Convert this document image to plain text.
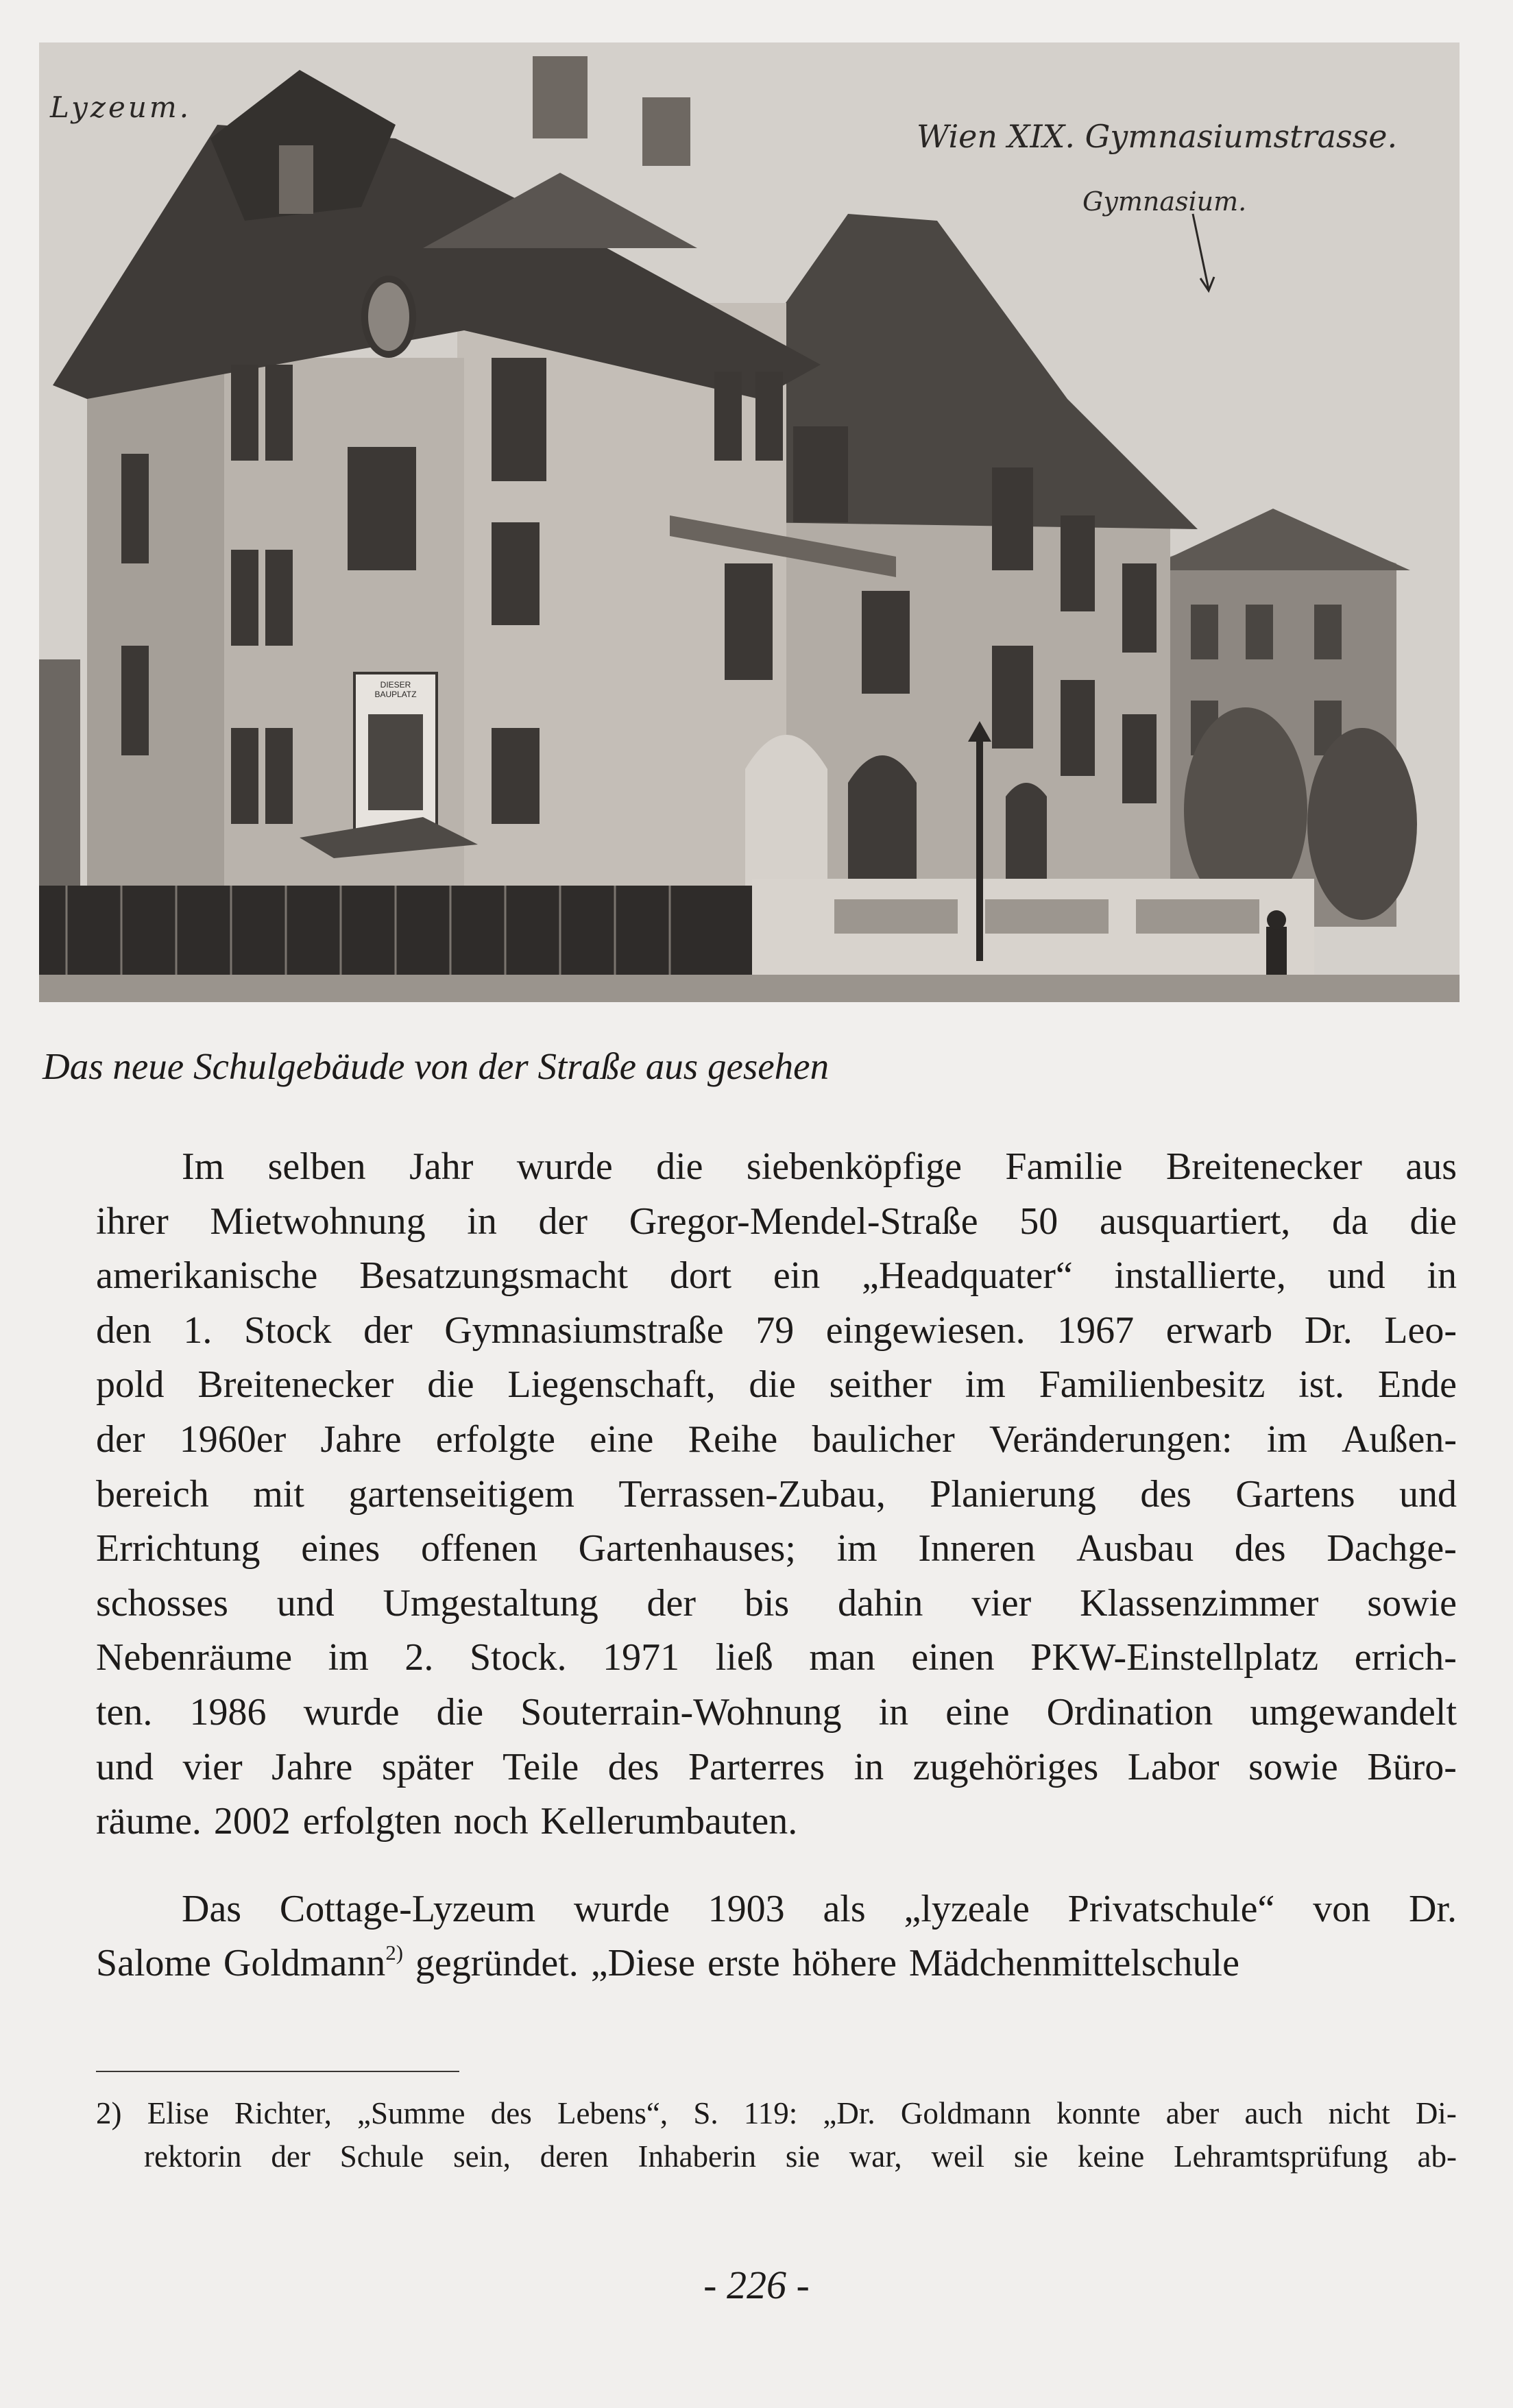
Lyzeum.
Wien XIX. Gymnasiumstrasse.
Gymnasium.
DIESER BAUPLATZ
Das neue Schulgebäude von der Straße aus gesehen
Im selben Jahr wurde die siebenköpfige Familie Breitenecker aus
ihrer Mietwohnung in der Gregor-Mendel-Straße 50 ausquartiert, da die
amerikanische Besatzungsmacht dort ein „Headquater“ installierte, und in
den 1. Stock der Gymnasiumstraße 79 eingewiesen. 1967 erwarb Dr. Leo-
pold Breitenecker die Liegenschaft, die seither im Familienbesitz ist. Ende
der 1960er Jahre erfolgte eine Reihe baulicher Veränderungen: im Außen-
bereich mit gartenseitigem Terrassen-Zubau, Planierung des Gartens und
Errichtung eines offenen Gartenhauses; im Inneren Ausbau des Dachge-
schosses und Umgestaltung der bis dahin vier Klassenzimmer sowie
Nebenräume im 2. Stock. 1971 ließ man einen PKW-Einstellplatz errich-
ten. 1986 wurde die Souterrain-Wohnung in eine Ordination umgewandelt
und vier Jahre später Teile des Parterres in zugehöriges Labor sowie Büro-
räume. 2002 erfolgten noch Kellerumbauten.
Das Cottage-Lyzeum wurde 1903 als „lyzeale Privatschule“ von Dr.
Salome Goldmann$^{2)}$ gegründet. „Diese erste höhere Mädchenmittelschule
2) Elise Richter, „Summe des Lebens“, S. 119: „Dr. Goldmann konnte aber auch nicht Di-
rektorin der Schule sein, deren Inhaberin sie war, weil sie keine Lehramtsprüfung ab-
- 226 -
